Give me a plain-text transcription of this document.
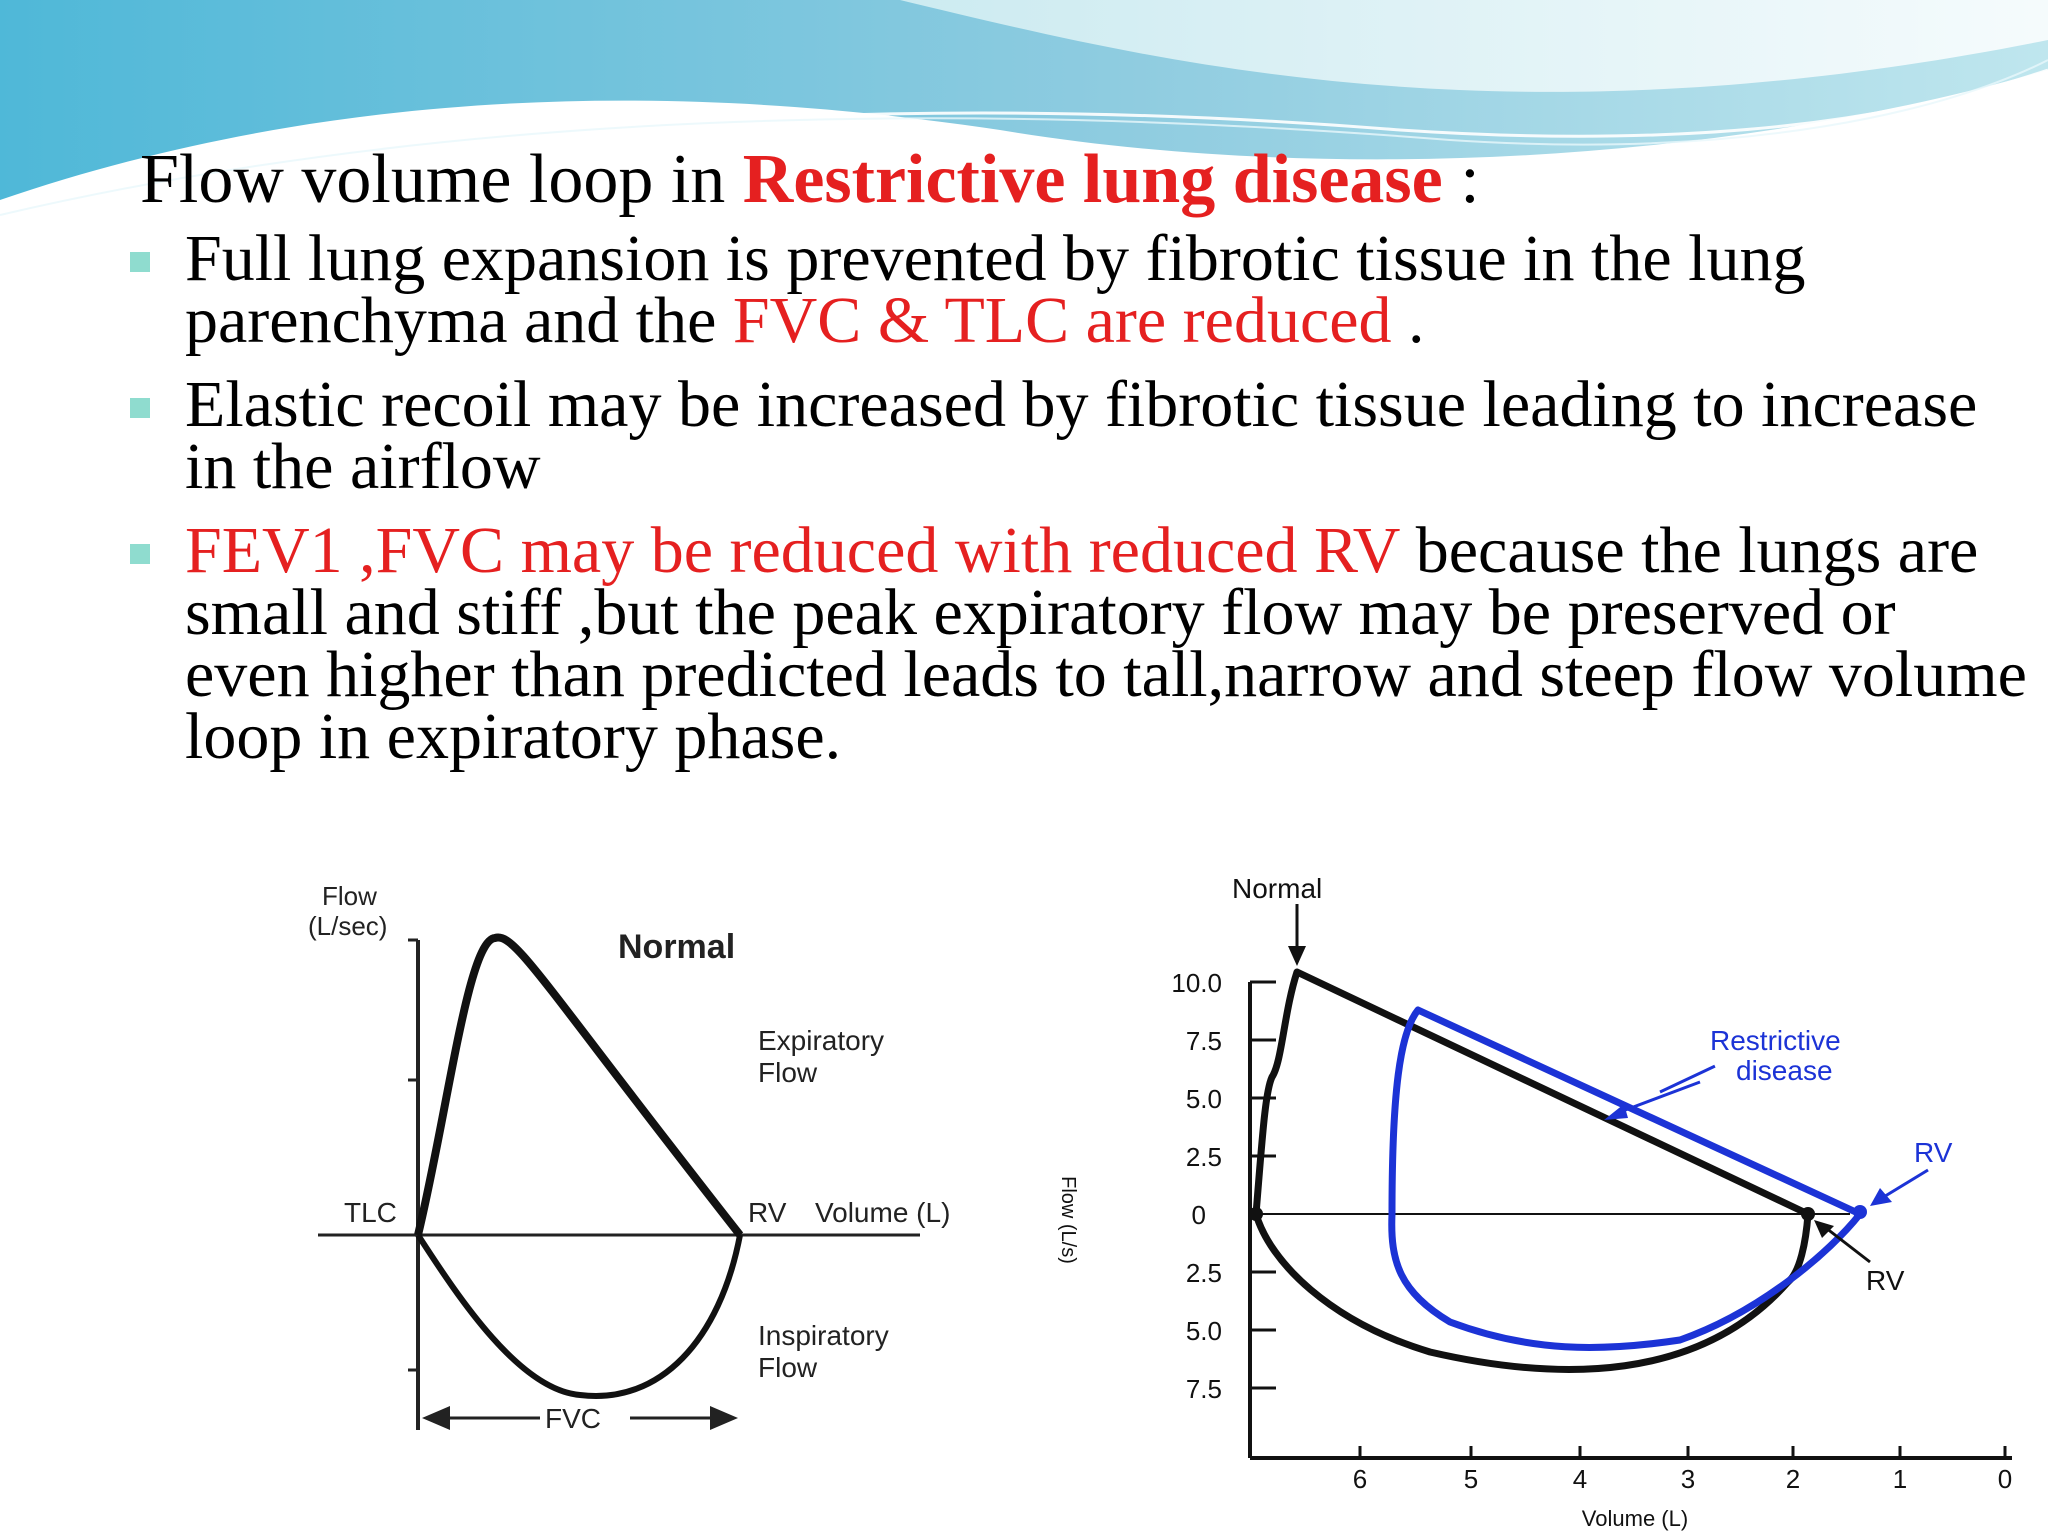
Flow volume loop in Restrictive lung disease :
Full lung expansion is prevented by fibrotic tissue in the lung parenchyma and the FVC & TLC are reduced .
Elastic recoil may be increased by fibrotic tissue leading to increase in the airflow
FEV1 ,FVC may be reduced with reduced RV because the lungs are small and stiff ,but the peak expiratory flow may be preserved or even higher than predicted leads to tall,narrow and steep flow volume loop in expiratory phase.
Flow
(L/sec)
Normal
Expiratory
Flow
TLC	RV Volume (L)
Inspiratory
Flow
FVC
Normal
Restrictive
disease
RV
RV
10.0
7.5
5.0
2.5
0
2.5
5.0
7.5
6	5	4	3	2	1	0
Flow (L/s)
Volume (L)
